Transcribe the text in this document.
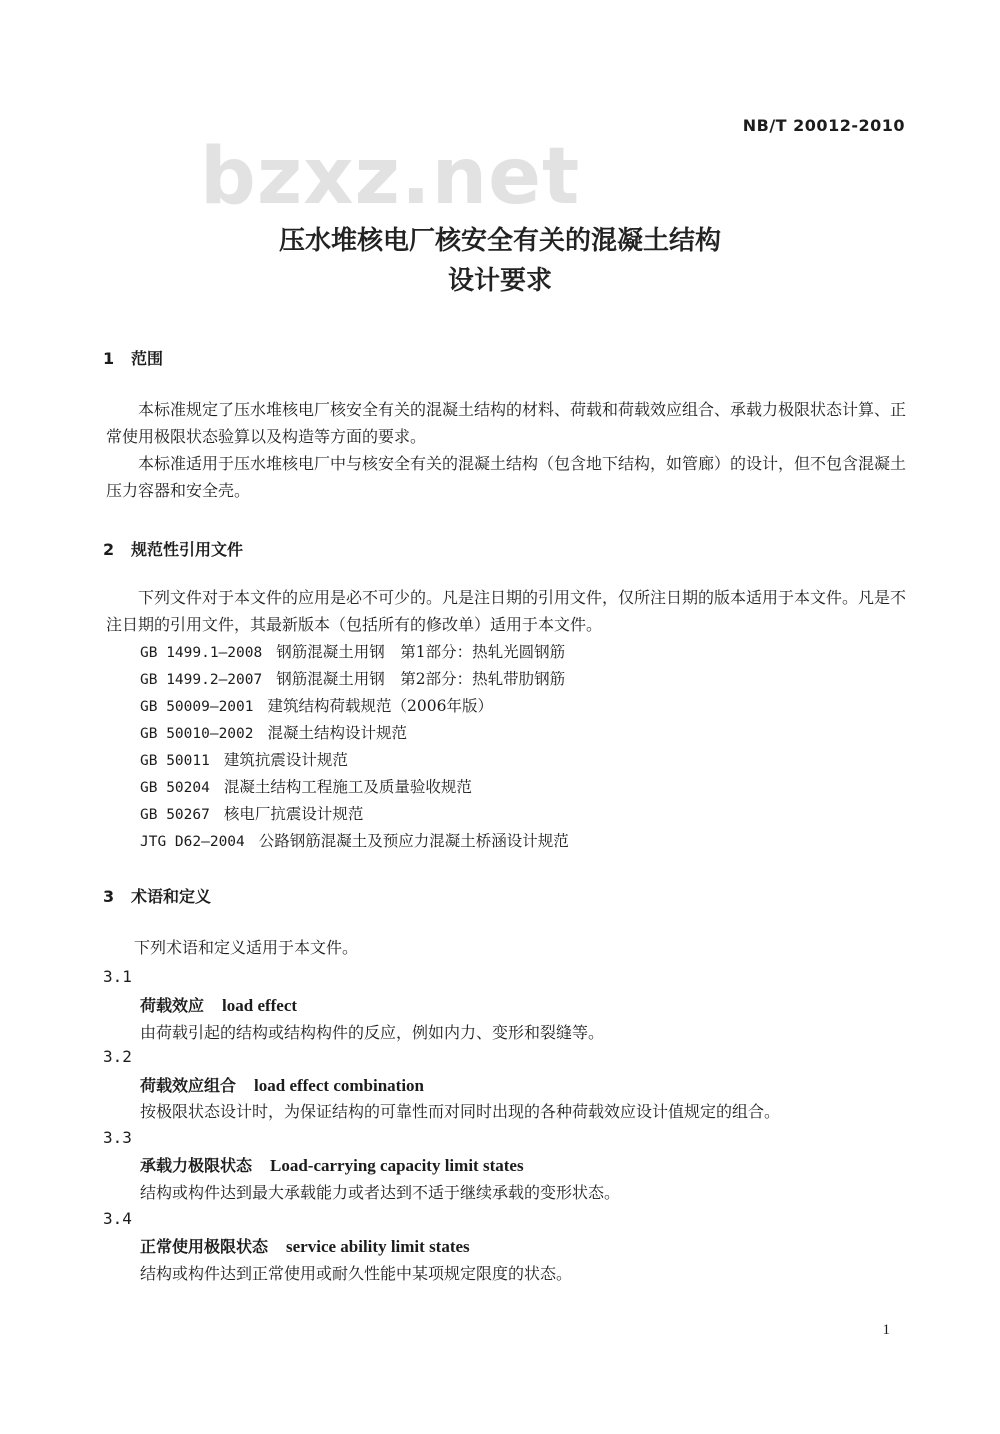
NB/T 20012-2010
bzxz.net
压水堆核电厂核安全有关的混凝土结构
设计要求
1 范围
本标准规定了压水堆核电厂核安全有关的混凝土结构的材料、荷载和荷载效应组合、承载力极限状态计算、正常使用极限状态验算以及构造等方面的要求。
本标准适用于压水堆核电厂中与核安全有关的混凝土结构（包含地下结构，如管廊）的设计，但不包含混凝土压力容器和安全壳。
2 规范性引用文件
下列文件对于本文件的应用是必不可少的。凡是注日期的引用文件，仅所注日期的版本适用于本文件。凡是不注日期的引用文件，其最新版本（包括所有的修改单）适用于本文件。
GB 1499.1—2008 钢筋混凝土用钢　第1部分：热轧光圆钢筋
GB 1499.2—2007 钢筋混凝土用钢　第2部分：热轧带肋钢筋
GB 50009—2001 建筑结构荷载规范（2006年版）
GB 50010—2002 混凝土结构设计规范
GB 50011 建筑抗震设计规范
GB 50204 混凝土结构工程施工及质量验收规范
GB 50267 核电厂抗震设计规范
JTG D62—2004 公路钢筋混凝土及预应力混凝土桥涵设计规范
3 术语和定义
下列术语和定义适用于本文件。
3.1
荷载效应 load effect
由荷载引起的结构或结构构件的反应，例如内力、变形和裂缝等。
3.2
荷载效应组合 load effect combination
按极限状态设计时，为保证结构的可靠性而对同时出现的各种荷载效应设计值规定的组合。
3.3
承载力极限状态 Load-carrying capacity limit states
结构或构件达到最大承载能力或者达到不适于继续承载的变形状态。
3.4
正常使用极限状态 service ability limit states
结构或构件达到正常使用或耐久性能中某项规定限度的状态。
1
